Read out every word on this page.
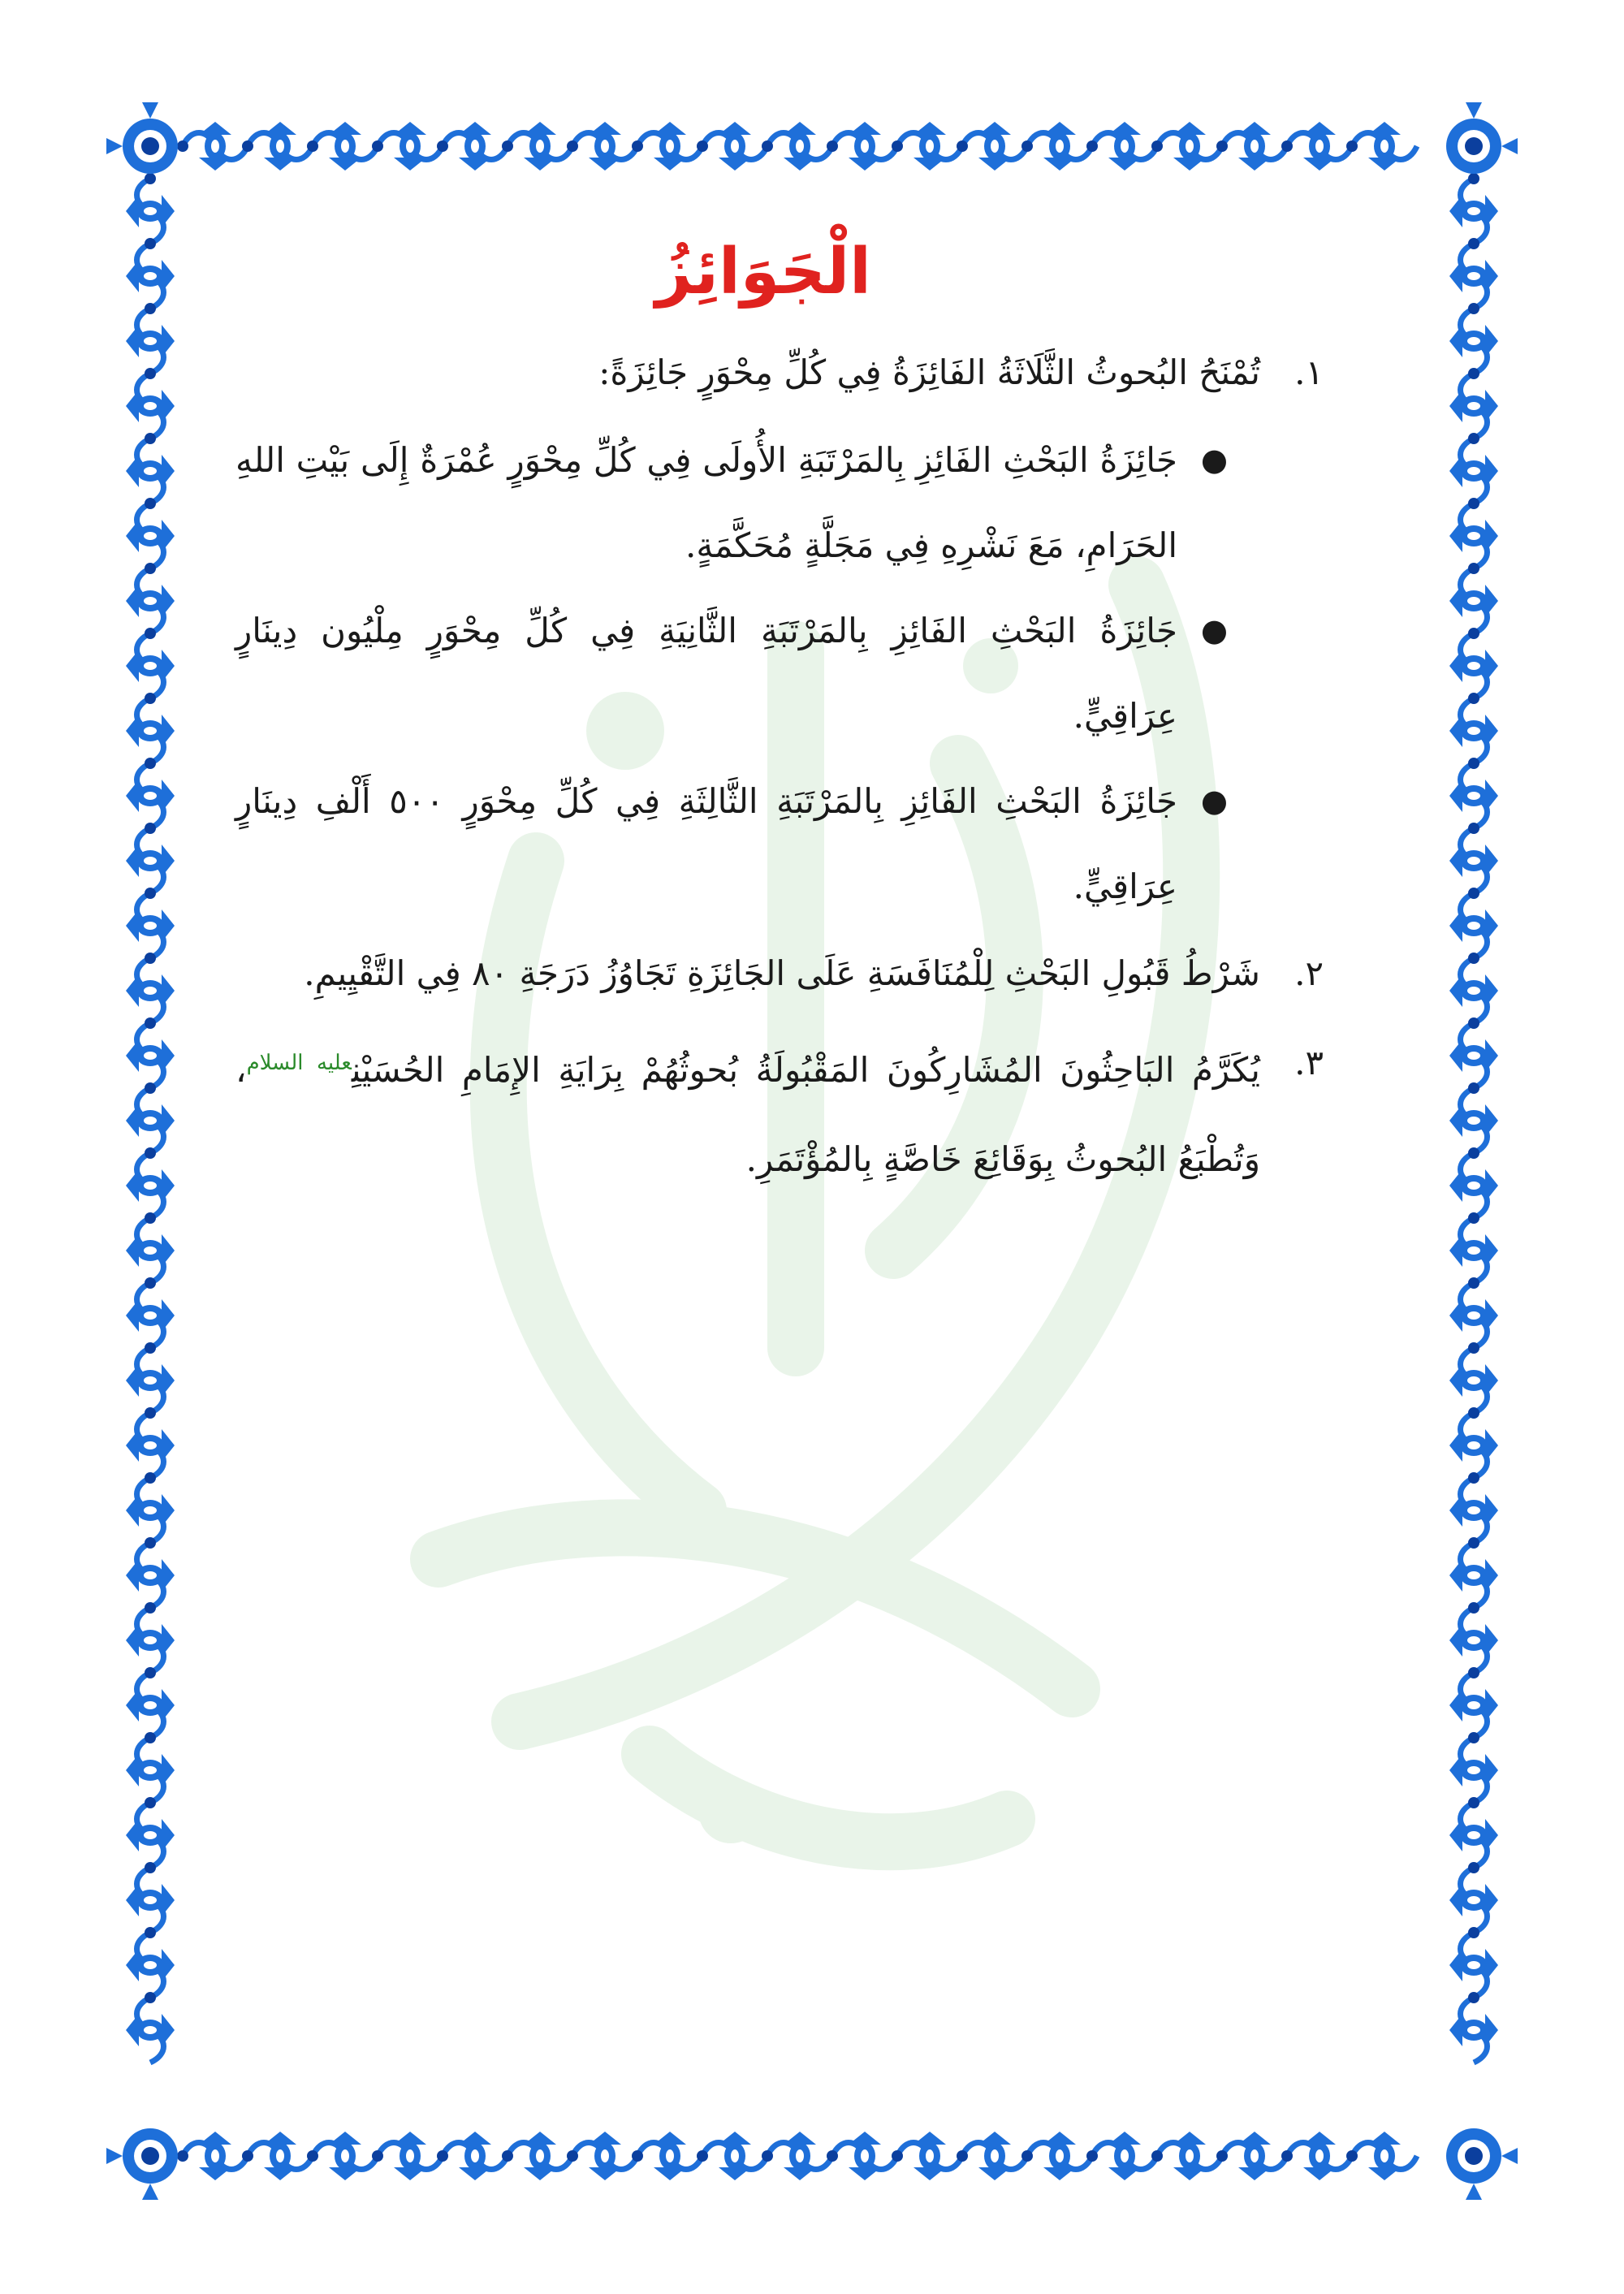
الْجَوَائِزُ
١.
تُمْنَحُ البُحوثُ الثَّلَاثَةُ الفَائِزَةُ فِي كُلِّ مِحْوَرٍ جَائِزَةً:
●
جَائِزَةُ البَحْثِ الفَائِزِ بِالمَرْتَبَةِ الأُولَى فِي كُلِّ مِحْوَرٍ عُمْرَةٌ إِلَى بَيْتِ اللهِ الحَرَامِ، مَعَ نَشْرِهِ فِي مَجَلَّةٍ مُحَكَّمَةٍ.
●
جَائِزَةُ البَحْثِ الفَائِزِ بِالمَرْتَبَةِ الثَّانِيَةِ فِي كُلِّ مِحْوَرٍ مِلْيُون دِينَارٍ عِرَاقِيٍّ.
●
جَائِزَةُ البَحْثِ الفَائِزِ بِالمَرْتَبَةِ الثَّالِثَةِ فِي كُلِّ مِحْوَرٍ ٥٠٠ أَلْفِ دِينَارٍ عِرَاقِيٍّ.
٢.
شَرْطُ قَبُولِ البَحْثِ لِلْمُنَافَسَةِ عَلَى الجَائِزَةِ تَجَاوُزُ دَرَجَةِ ٨٠ فِي التَّقْيِيمِ.
٣.
يُكَرَّمُ البَاحِثُونَ المُشَارِكُونَ المَقْبُولَةُ بُحوثُهُمْ بِرَايَةِ الإِمَامِ الحُسَيْنِ$^{عليه السلام}$، وَتُطْبَعُ البُحوثُ بِوَقَائِعَ خَاصَّةٍ بِالمُؤْتَمَرِ.
